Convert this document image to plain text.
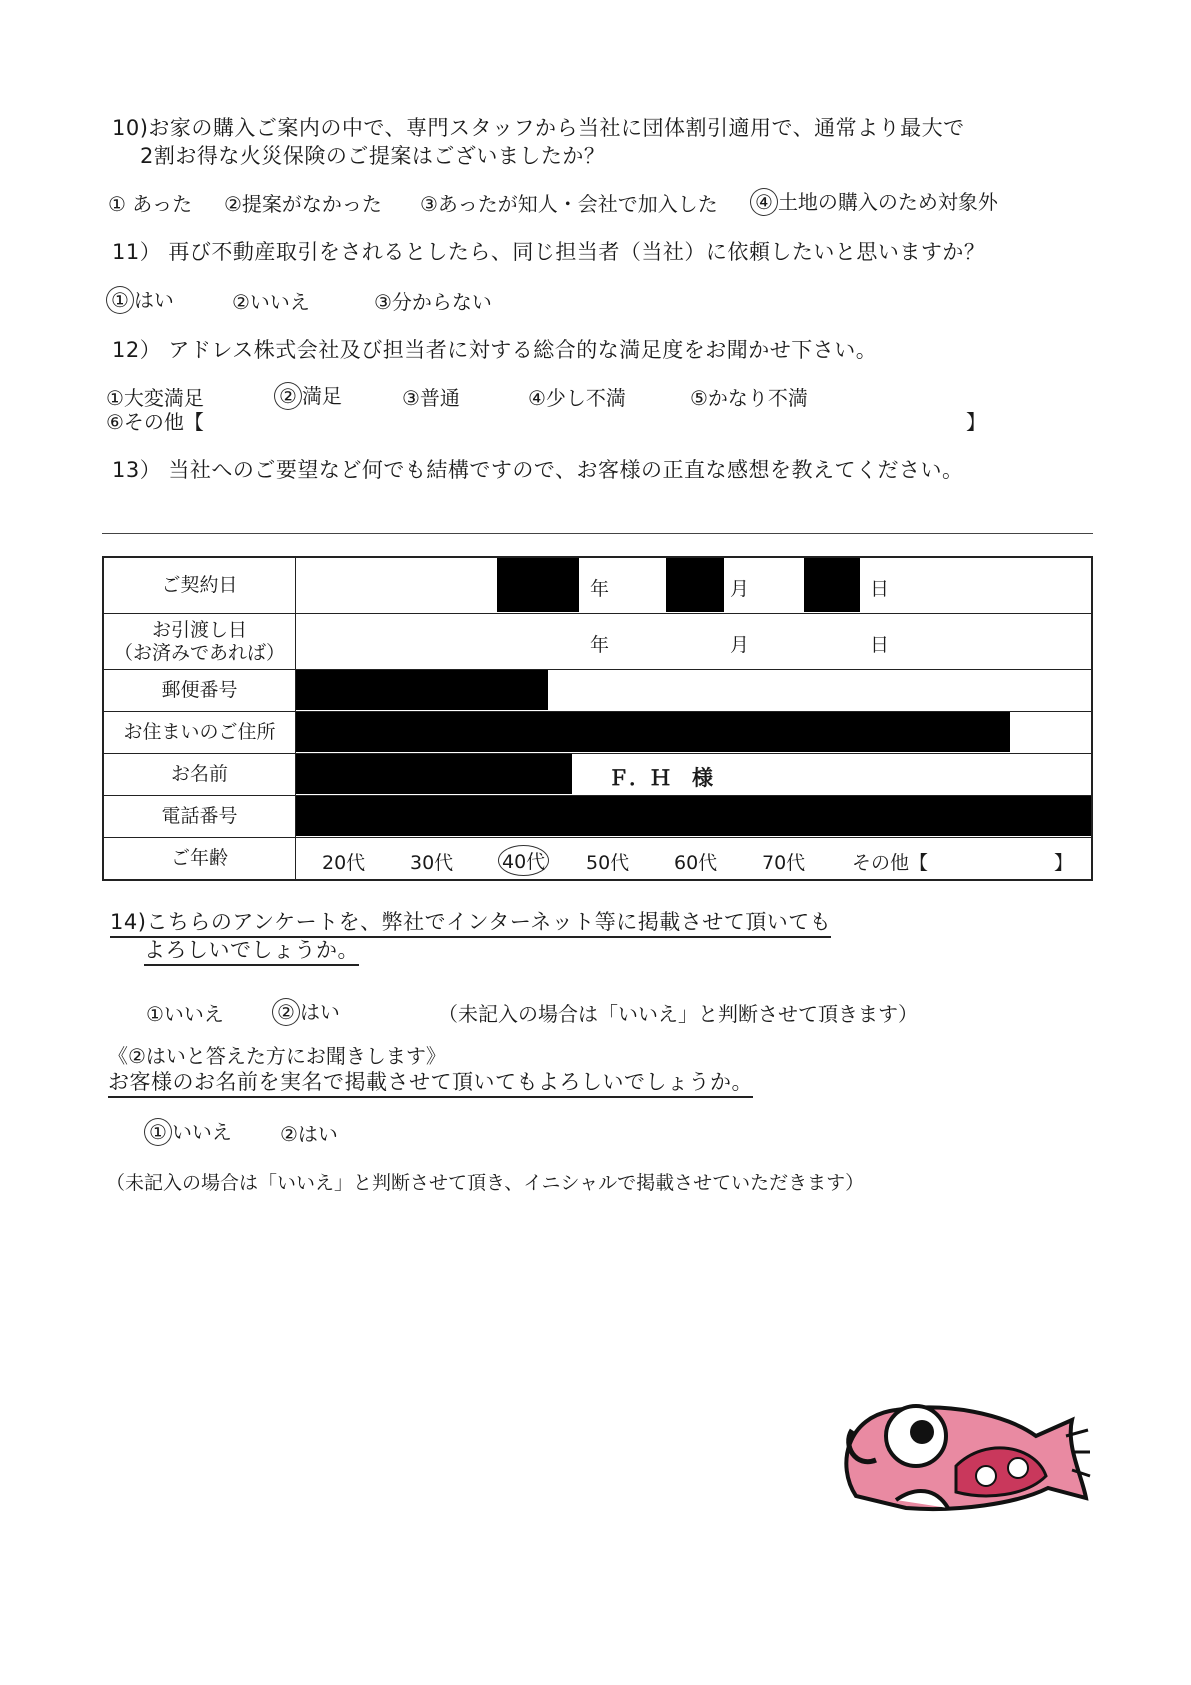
10)お家の購入ご案内の中で、専門スタッフから当社に団体割引適用で、通常より最大で
2割お得な火災保険のご提案はございましたか？
① あった ②提案がなかった ③あったが知人・会社で加入した ④ 土地の購入のため対象外
11） 再び不動産取引をされるとしたら、同じ担当者（当社）に依頼したいと思いますか？
① はい	②いいえ	③分からない
12） アドレス株式会社及び担当者に対する総合的な満足度をお聞かせ下さい。
①大変満足	② 満足	③普通	④少し不満	⑤かなり不満
⑥その他【	】
13） 当社へのご要望など何でも結構ですので、お客様の正直な感想を教えてください。
ご契約日	年	月	日
お引渡し日
（お済みであれば）	年	月	日
郵便番号
お住まいのご住所
お名前	Ｆ．Ｈ　様
電話番号
ご年齢	20代 30代	40代 50代 60代 70代 その他【	】
14)こちらのアンケートを、弊社でインターネット等に掲載させて頂いても
よろしいでしょうか。
①いいえ	② はい	（未記入の場合は「いいえ」と判断させて頂きます）
《②はいと答えた方にお聞きします》
お客様のお名前を実名で掲載させて頂いてもよろしいでしょうか。
① いいえ ②はい
（未記入の場合は「いいえ」と判断させて頂き、イニシャルで掲載させていただきます）
